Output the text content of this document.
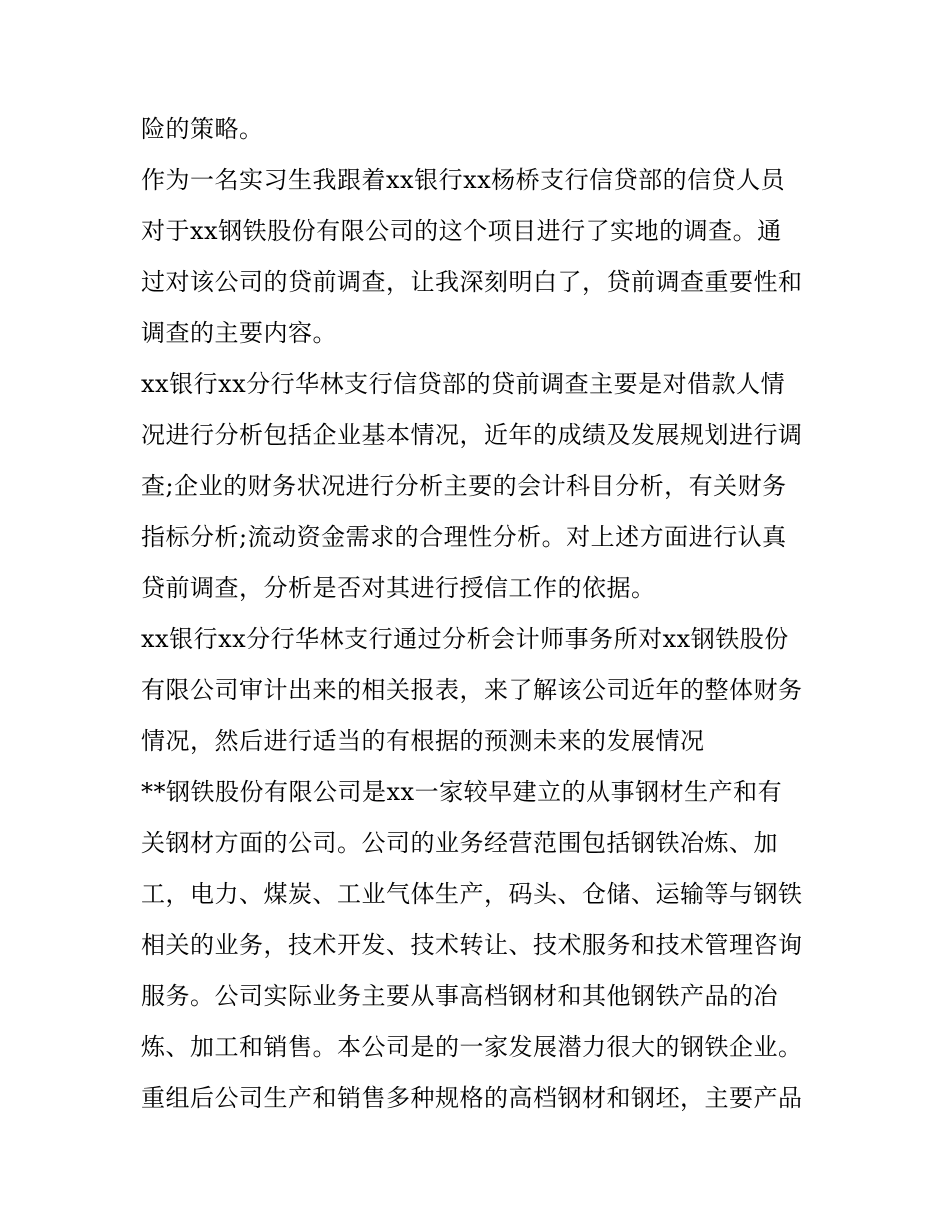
险的策略。
作为一名实习生我跟着xx银行xx杨桥支行信贷部的信贷人员
对于xx钢铁股份有限公司的这个项目进行了实地的调查。通
过对该公司的贷前调查，让我深刻明白了，贷前调查重要性和
调查的主要内容。
xx银行xx分行华林支行信贷部的贷前调查主要是对借款人情
况进行分析包括企业基本情况，近年的成绩及发展规划进行调
查;企业的财务状况进行分析主要的会计科目分析，有关财务
指标分析;流动资金需求的合理性分析。对上述方面进行认真
贷前调查，分析是否对其进行授信工作的依据。
xx银行xx分行华林支行通过分析会计师事务所对xx钢铁股份
有限公司审计出来的相关报表，来了解该公司近年的整体财务
情况，然后进行适当的有根据的预测未来的发展情况
**钢铁股份有限公司是xx一家较早建立的从事钢材生产和有
关钢材方面的公司。公司的业务经营范围包括钢铁冶炼、加
工，电力、煤炭、工业气体生产，码头、仓储、运输等与钢铁
相关的业务，技术开发、技术转让、技术服务和技术管理咨询
服务。公司实际业务主要从事高档钢材和其他钢铁产品的冶
炼、加工和销售。本公司是的一家发展潜力很大的钢铁企业。
重组后公司生产和销售多种规格的高档钢材和钢坯，主要产品
